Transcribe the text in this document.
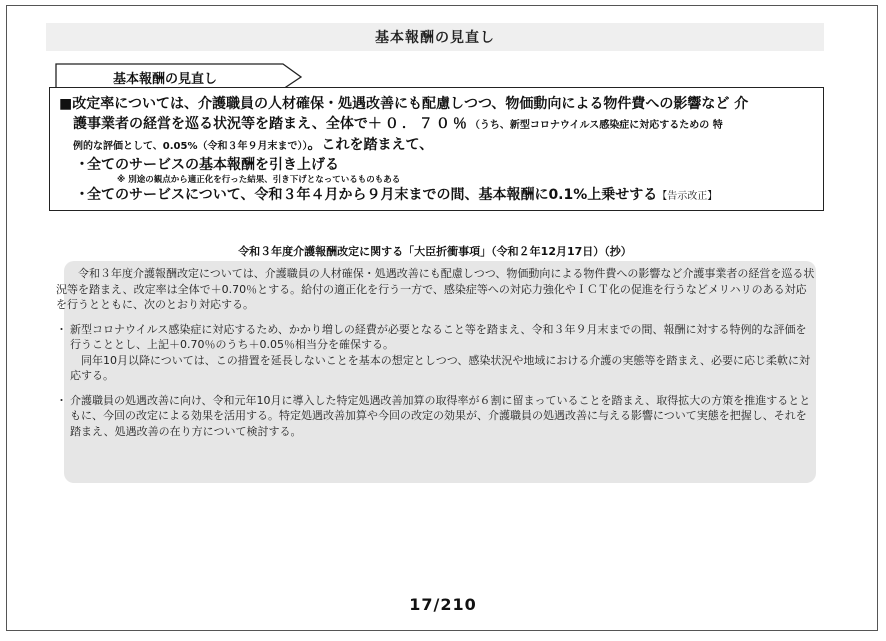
基本報酬の見直し
基本報酬の見直し
■改定率については、介護職員の人材確保・処遇改善にも配慮しつつ、物価動向による物件費への影響など 介
護事業者の経営を巡る状況等を踏まえ、全体で＋０．７０％（うち、新型コロナウイルス感染症に対応するための 特
例的な評価として、0.05%（令和３年９月末まで））。これを踏まえて、
・全てのサービスの基本報酬を引き上げる
※ 別途の観点から適正化を行った結果、引き下げとなっているものもある
・全てのサービスについて、令和３年４月から９月末までの間、基本報酬に0.1%上乗せする【告示改正】
令和３年度介護報酬改定に関する「大臣折衝事項」（令和２年12月17日）（抄）

令和３年度介護報酬改定については、介護職員の人材確保・処遇改善にも配慮しつつ、物価動向による物件費への影響など介護事業者の経営を巡る状況等を踏まえ、改定率は全体で＋0.70％とする。給付の適正化を行う一方で、感染症等への対応力強化やＩＣＴ化の促進を行うなどメリハリのある対応を行うとともに、次のとおり対応する。

・ 新型コロナウイルス感染症に対応するため、かかり増しの経費が必要となること等を踏まえ、令和３年９月末までの間、報酬に対する特例的な評価を行うこととし、上記＋0.70％のうち＋0.05％相当分を確保する。

同年10月以降については、この措置を延長しないことを基本の想定としつつ、感染状況や地域における介護の実態等を踏まえ、必要に応じ柔軟に対応する。

・ 介護職員の処遇改善に向け、令和元年10月に導入した特定処遇改善加算の取得率が６割に留まっていることを踏まえ、取得拡大の方策を推進するとともに、今回の改定による効果を活用する。特定処遇改善加算や今回の改定の効果が、介護職員の処遇改善に与える影響について実態を把握し、それを踏まえ、処遇改善の在り方について検討する。

17/210
